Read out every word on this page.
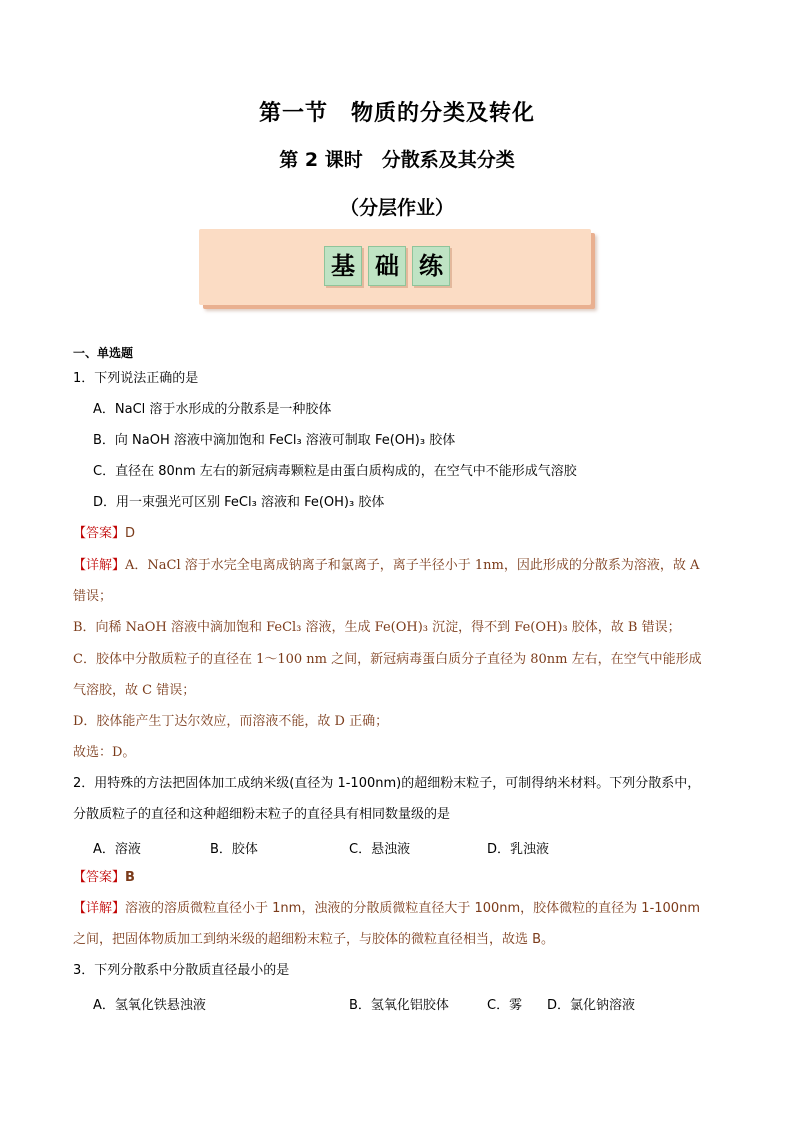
第一节　物质的分类及转化
第 2 课时　分散系及其分类
（分层作业）
基 础 练
一、单选题
1．下列说法正确的是
A．NaCl 溶于水形成的分散系是一种胶体
B．向 NaOH 溶液中滴加饱和 FeCl₃ 溶液可制取 Fe(OH)₃ 胶体
C．直径在 80nm 左右的新冠病毒颗粒是由蛋白质构成的，在空气中不能形成气溶胶
D．用一束强光可区别 FeCl₃ 溶液和 Fe(OH)₃ 胶体
【答案】D
【详解】A．NaCl 溶于水完全电离成钠离子和氯离子，离子半径小于 1nm，因此形成的分散系为溶液，故 A
错误；
B．向稀 NaOH 溶液中滴加饱和 FeCl₃ 溶液，生成 Fe(OH)₃ 沉淀，得不到 Fe(OH)₃ 胶体，故 B 错误；
C．胶体中分散质粒子的直径在 1～100 nm 之间，新冠病毒蛋白质分子直径为 80nm 左右，在空气中能形成
气溶胶，故 C 错误；
D．胶体能产生丁达尔效应，而溶液不能，故 D 正确；
故选：D。
2．用特殊的方法把固体加工成纳米级(直径为 1-100nm)的超细粉末粒子，可制得纳米材料。下列分散系中，
分散质粒子的直径和这种超细粉末粒子的直径具有相同数量级的是
A．溶液	B．胶体	C．悬浊液	D．乳浊液
【答案】B
【详解】溶液的溶质微粒直径小于 1nm，浊液的分散质微粒直径大于 100nm，胶体微粒的直径为 1-100nm
之间，把固体物质加工到纳米级的超细粉末粒子，与胶体的微粒直径相当，故选 B。
3．下列分散系中分散质直径最小的是
A．氢氧化铁悬浊液	B．氢氧化铝胶体	C．雾 D．氯化钠溶液
